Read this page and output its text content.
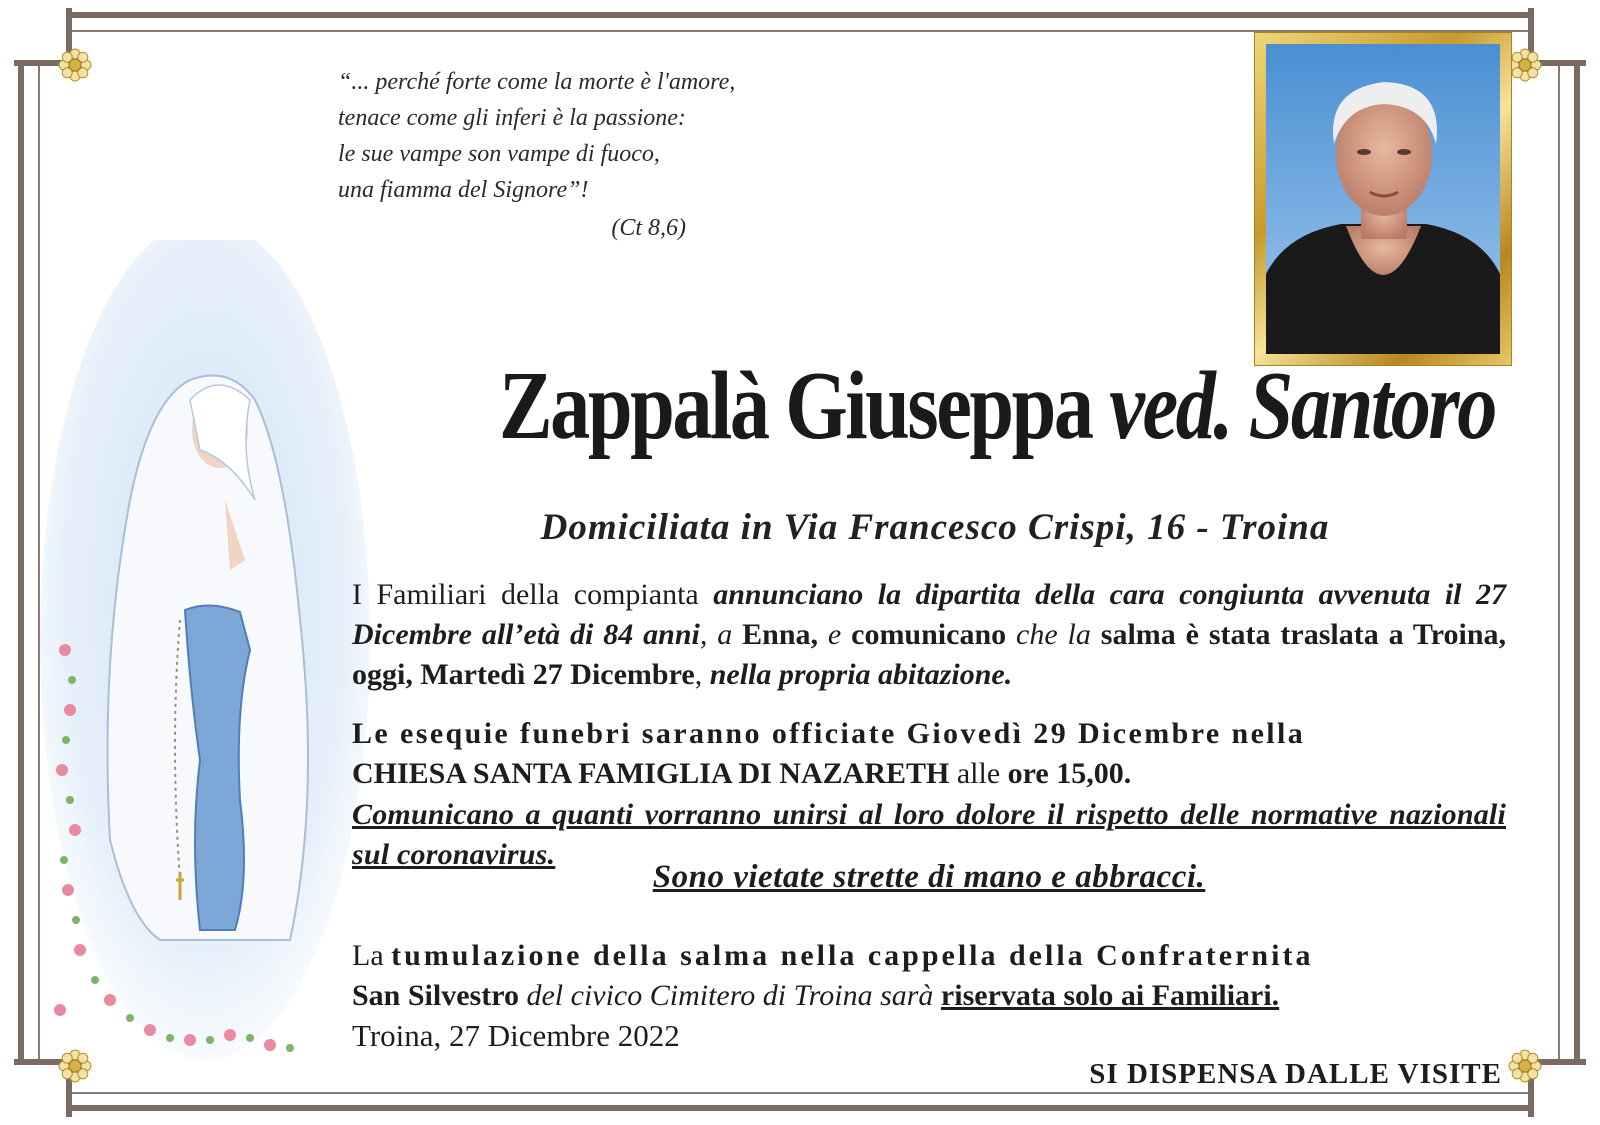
“... perché forte come la morte è l'amore,
tenace come gli inferi è la passione:
le sue vampe son vampe di fuoco,
una fiamma del Signore”!
(Ct 8,6)
Zappalà Giuseppa ved. Santoro
Domiciliata in Via Francesco Crispi, 16 - Troina
I Familiari della compianta annunciano la dipartita della cara congiunta avvenuta il 27 Dicembre all’età di 84 anni, a Enna, e comunicano che la salma è stata traslata a Troina, oggi, Martedì 27 Dicembre, nella propria abitazione.
Le esequie funebri saranno officiate Giovedì 29 Dicembre nella
CHIESA SANTA FAMIGLIA DI NAZARETH alle ore 15,00.
Comunicano a quanti vorranno unirsi al loro dolore il rispetto delle normative nazionali sul coronavirus.
Sono vietate strette di mano e abbracci.
La tumulazione della salma nella cappella della Confraternita
San Silvestro del civico Cimitero di Troina sarà riservata solo ai Familiari.
Troina, 27 Dicembre 2022
SI DISPENSA DALLE VISITE
